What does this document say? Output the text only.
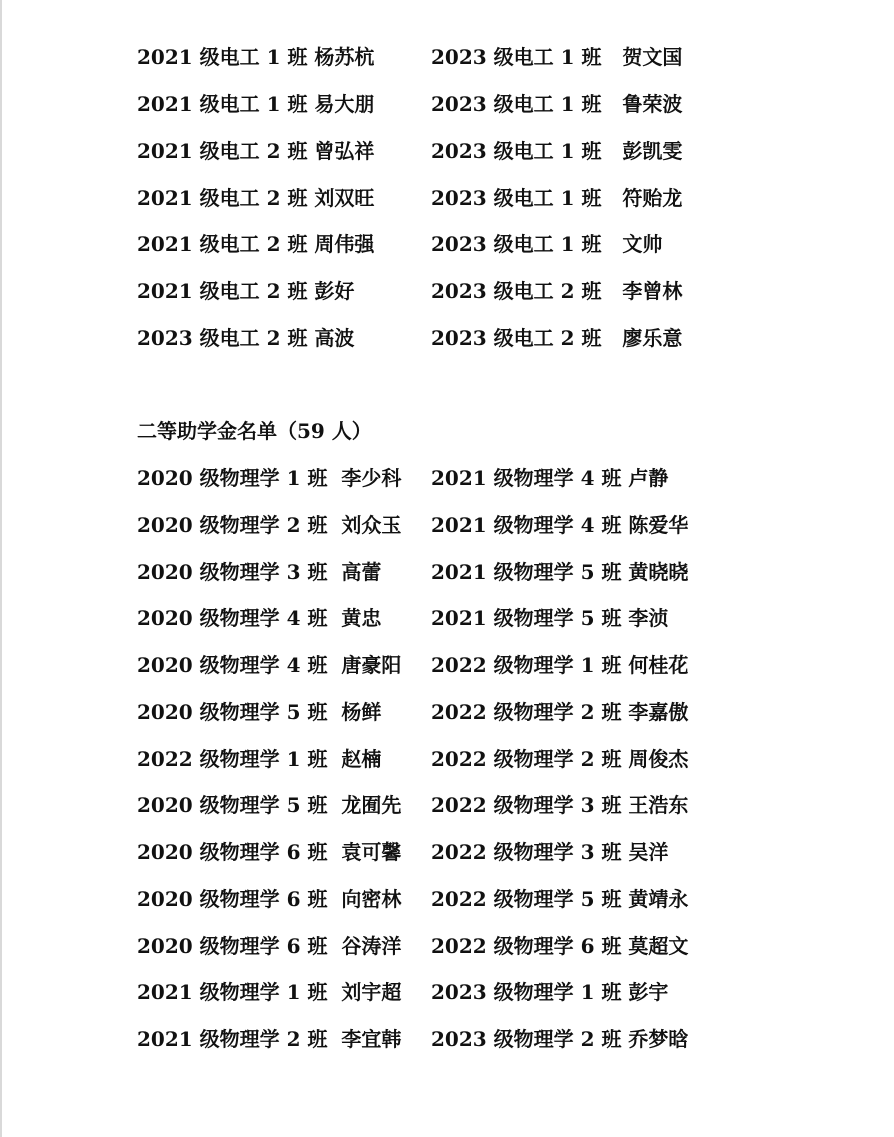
2021 级电工 1 班 杨苏杭	2023 级电工 1 班   贺文国
2021 级电工 1 班 易大朋	2023 级电工 1 班   鲁荣波
2021 级电工 2 班 曾弘祥	2023 级电工 1 班   彭凯雯
2021 级电工 2 班 刘双旺	2023 级电工 1 班   符贻龙
2021 级电工 2 班 周伟强	2023 级电工 1 班   文帅
2021 级电工 2 班 彭好	2023 级电工 2 班   李曾林
2023 级电工 2 班 高波	2023 级电工 2 班   廖乐意
二等助学金名单（59 人）
2020 级物理学 1 班  李少科 2021 级物理学 4 班 卢静
2020 级物理学 2 班  刘众玉 2021 级物理学 4 班 陈爱华
2020 级物理学 3 班  高蕾 2021 级物理学 5 班 黄晓晓
2020 级物理学 4 班  黄忠 2021 级物理学 5 班 李浈
2020 级物理学 4 班  唐豪阳 2022 级物理学 1 班 何桂花
2020 级物理学 5 班  杨鲜 2022 级物理学 2 班 李嘉傲
2022 级物理学 1 班  赵楠 2022 级物理学 2 班 周俊杰
2020 级物理学 5 班  龙囿先 2022 级物理学 3 班 王浩东
2020 级物理学 6 班  袁可馨 2022 级物理学 3 班 吴洋
2020 级物理学 6 班  向密林 2022 级物理学 5 班 黄靖永
2020 级物理学 6 班  谷涛洋 2022 级物理学 6 班 莫超文
2021 级物理学 1 班  刘宇超 2023 级物理学 1 班 彭宇
2021 级物理学 2 班  李宜韩 2023 级物理学 2 班 乔梦晗
